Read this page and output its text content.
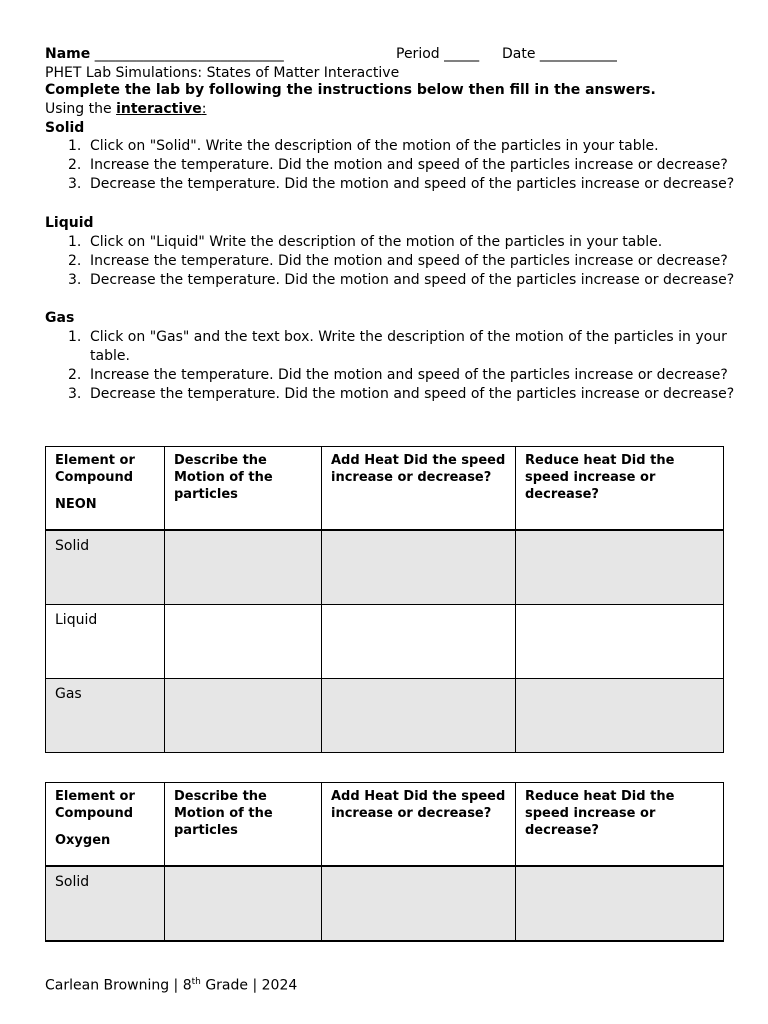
Name ___________________________	Period _____ Date ___________
PHET Lab Simulations: States of Matter Interactive
Complete the lab by following the instructions below then fill in the answers.
Using the interactive:
Solid
1. Click on "Solid". Write the description of the motion of the particles in your table.
2. Increase the temperature. Did the motion and speed of the particles increase or decrease?
3. Decrease the temperature. Did the motion and speed of the particles increase or decrease?
Liquid
1. Click on "Liquid" Write the description of the motion of the particles in your table.
2. Increase the temperature. Did the motion and speed of the particles increase or decrease?
3. Decrease the temperature. Did the motion and speed of the particles increase or decrease?
Gas
1. Click on "Gas" and the text box. Write the description of the motion of the particles in your table.
2. Increase the temperature. Did the motion and speed of the particles increase or decrease?
3. Decrease the temperature. Did the motion and speed of the particles increase or decrease?
Element or Compound
NEON	Describe the Motion of the particles	Add Heat Did the speed increase or decrease?	Reduce heat Did the speed increase or decrease?
Solid			
Liquid			
Gas			
Element or Compound
Oxygen	Describe the Motion of the particles	Add Heat Did the speed increase or decrease?	Reduce heat Did the speed increase or decrease?
Solid			
Carlean Browning | 8th Grade | 2024
